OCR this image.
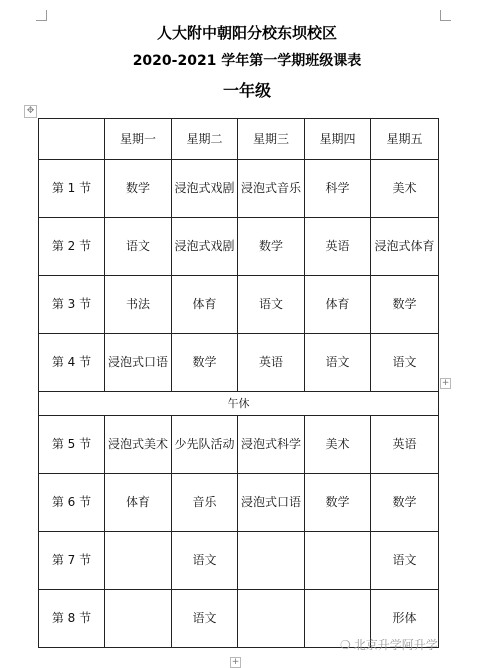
人大附中朝阳分校东坝校区
2020-2021 学年第一学期班级课表
一年级
✥
	星期一	星期二	星期三	星期四	星期五
第 1 节	数学	浸泡式戏剧	浸泡式音乐	科学	美术
第 2 节	语文	浸泡式戏剧	数学	英语	浸泡式体育
第 3 节	书法	体育	语文	体育	数学
第 4 节	浸泡式口语	数学	英语	语文	语文
午休					
第 5 节	浸泡式美术	少先队活动	浸泡式科学	美术	英语
第 6 节	体育	音乐	浸泡式口语	数学	数学
第 7 节		语文			语文
第 8 节		语文			形体
+
+
❍ 北京升学阿升学
